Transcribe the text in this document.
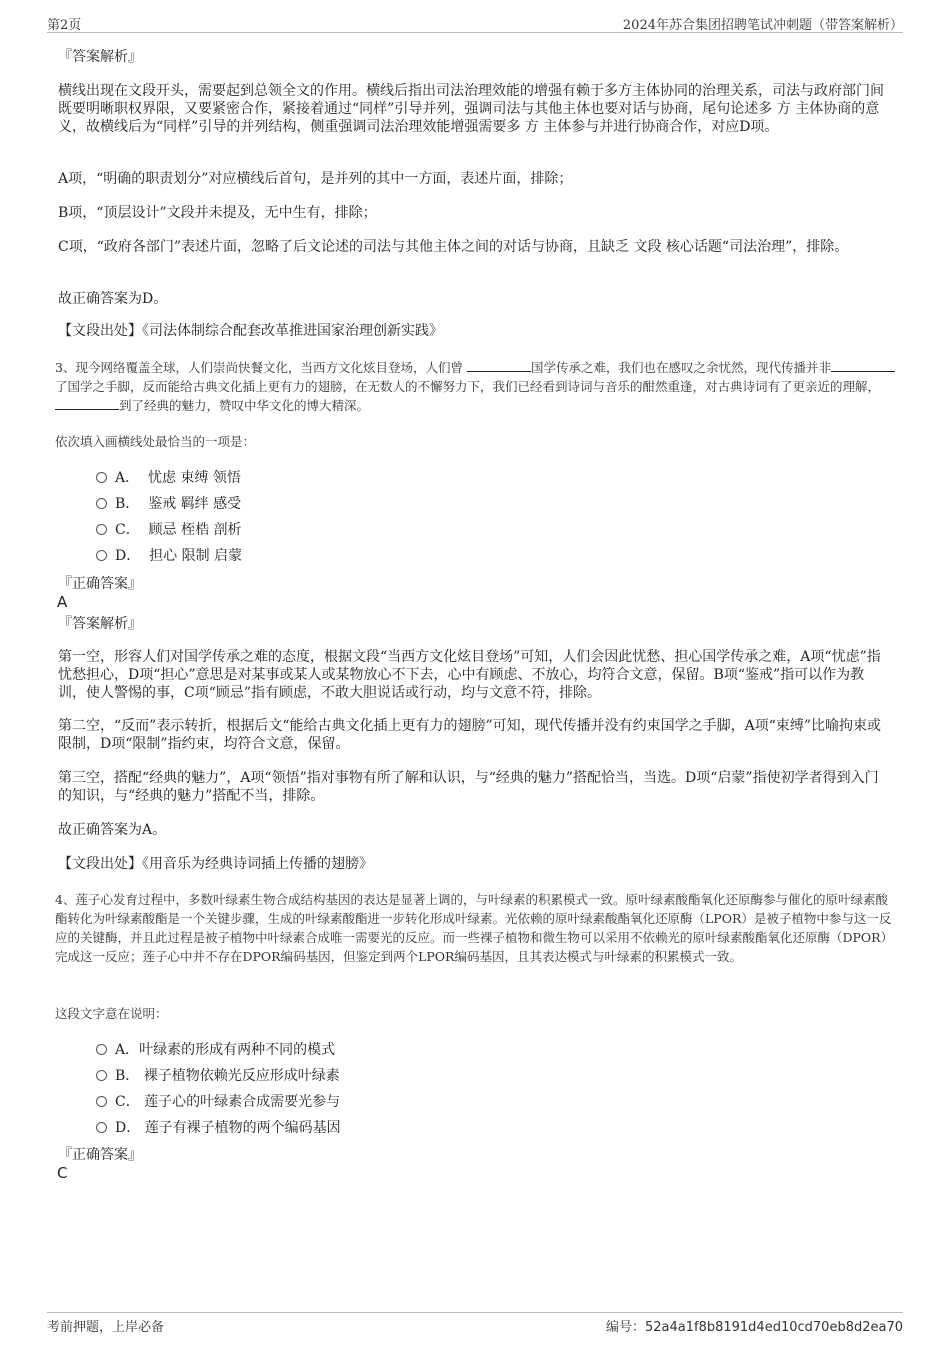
第2页	2024年苏合集团招聘笔试冲刺题（带答案解析）

『答案解析』

横线出现在文段开头，需要起到总领全文的作用。横线后指出司法治理效能的增强有赖于多方主体协同的治理关系，司法与政府部门间既要明晰职权界限，又要紧密合作，紧接着通过“同样”引导并列，强调司法与其他主体也要对话与协商，尾句论述多 方 主体协商的意义，故横线后为“同样”引导的并列结构，侧重强调司法治理效能增强需要多 方 主体参与并进行协商合作，对应D项。

A项，“明确的职责划分”对应横线后首句，是并列的其中一方面，表述片面，排除；

B项，“顶层设计”文段并未提及，无中生有，排除；

C项，“政府各部门”表述片面，忽略了后文论述的司法与其他主体之间的对话与协商，且缺乏 文段 核心话题“司法治理”，排除。

故正确答案为D。

【文段出处】《司法体制综合配套改革推进国家治理创新实践》

3、现今网络覆盖全球，人们崇尚快餐文化，当西方文化炫目登场，人们曾	国学传承之难，我们也在感叹之余忧然，现代传播并非了国学之手脚，反而能给古典文化插上更有力的翅膀，在无数人的不懈努力下，我们已经看到诗词与音乐的酣然重逢，对古典诗词有了更亲近的理解， 到了经典的魅力，赞叹中华文化的博大精深。

依次填入画横线处最恰当的一项是：

A． 忧虑 束缚 领悟
B． 鉴戒 羁绊 感受
C． 顾忌 桎梏 剖析
D． 担心 限制 启蒙

『正确答案』

A

『答案解析』

第一空，形容人们对国学传承之难的态度，根据文段“当西方文化炫目登场”可知，人们会因此忧愁、担心国学传承之难，A项“忧虑”指忧愁担心，D项“担心”意思是对某事或某人或某物放心不下去，心中有顾虑、不放心，均符合文意，保留。B项“鉴戒”指可以作为教训，使人警惕的事，C项“顾忌”指有顾虑，不敢大胆说话或行动，均与文意不符，排除。

第二空，“反而”表示转折，根据后文“能给古典文化插上更有力的翅膀”可知，现代传播并没有约束国学之手脚，A项“束缚”比喻拘束或限制，D项“限制”指约束，均符合文意，保留。

第三空，搭配“经典的魅力”，A项“领悟”指对事物有所了解和认识，与“经典的魅力”搭配恰当，当选。D项“启蒙”指使初学者得到入门的知识，与“经典的魅力”搭配不当，排除。

故正确答案为A。

【文段出处】《用音乐为经典诗词插上传播的翅膀》

4、莲子心发育过程中，多数叶绿素生物合成结构基因的表达是显著上调的，与叶绿素的积累模式一致。原叶绿素酸酯氧化还原酶参与催化的原叶绿素酸酯转化为叶绿素酸酯是一个关键步骤，生成的叶绿素酸酯进一步转化形成叶绿素。光依赖的原叶绿素酸酯氧化还原酶（LPOR）是被子植物中参与这一反应的关键酶，并且此过程是被子植物中叶绿素合成唯一需要光的反应。而一些裸子植物和微生物可以采用不依赖光的原叶绿素酸酯氧化还原酶（DPOR）完成这一反应；莲子心中并不存在DPOR编码基因，但鉴定到两个LPOR编码基因，且其表达模式与叶绿素的积累模式一致。

这段文字意在说明：

A．叶绿素的形成有两种不同的模式
B． 裸子植物依赖光反应形成叶绿素
C． 莲子心的叶绿素合成需要光参与
D． 莲子有裸子植物的两个编码基因

『正确答案』

C
考前押题，上岸必备	编号：52a4a1f8b8191d4ed10cd70eb8d2ea70
